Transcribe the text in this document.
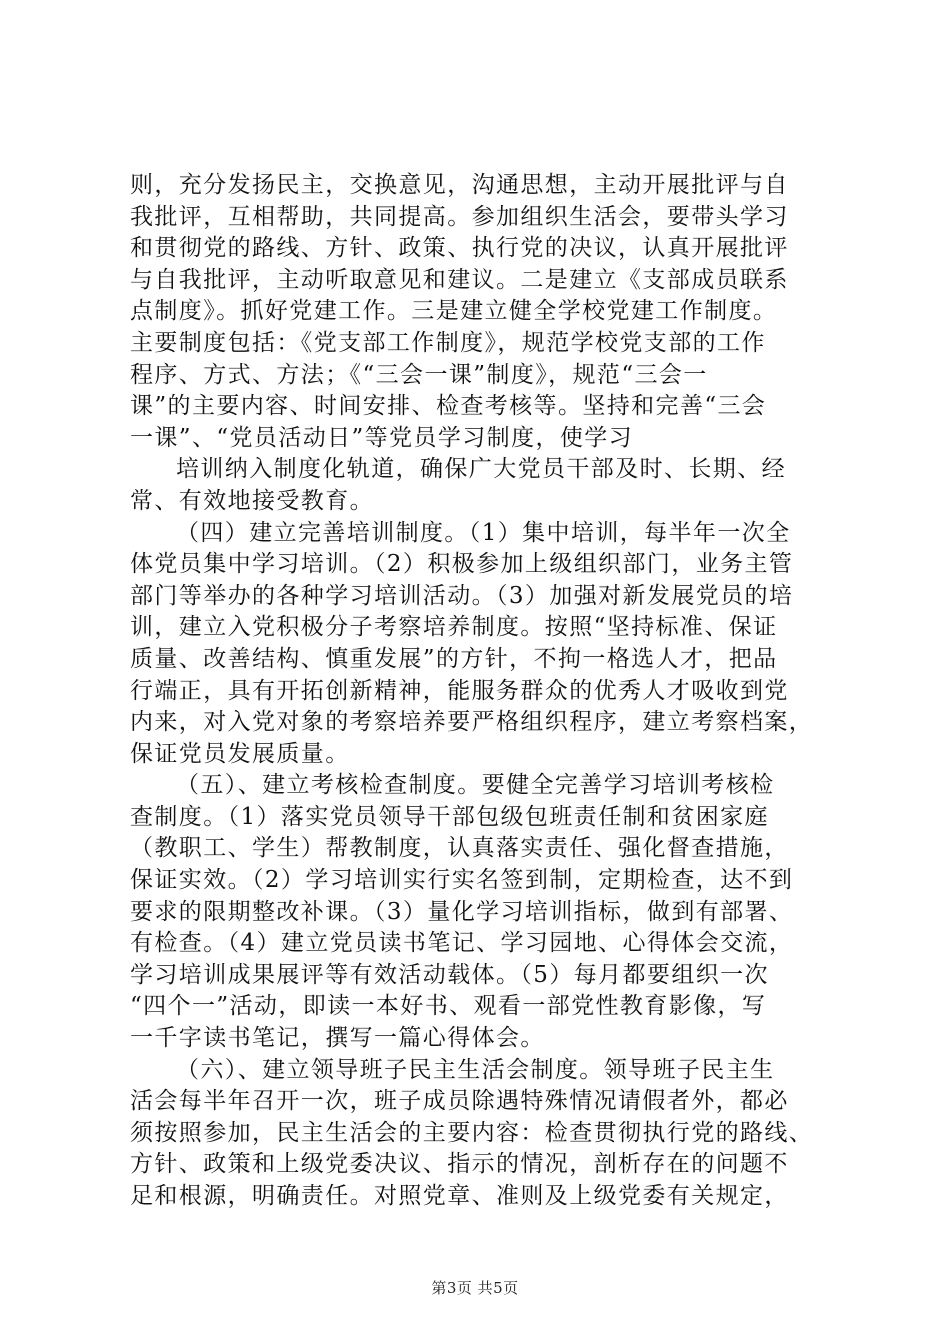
则，充分发扬民主，交换意见，沟通思想，主动开展批评与自
我批评，互相帮助，共同提高。参加组织生活会，要带头学习
和贯彻党的路线、方针、政策、执行党的决议，认真开展批评
与自我批评，主动听取意见和建议。二是建立《支部成员联系
点制度》。抓好党建工作。三是建立健全学校党建工作制度。
主要制度包括：《党支部工作制度》，规范学校党支部的工作
程序、方式、方法；《“三会一课”制度》，规范“三会一
课”的主要内容、时间安排、检查考核等。坚持和完善“三会
一课”、“党员活动日”等党员学习制度，使学习
培训纳入制度化轨道，确保广大党员干部及时、长期、经
常、有效地接受教育。
（四）建立完善培训制度。（1）集中培训，每半年一次全
体党员集中学习培训。（2）积极参加上级组织部门，业务主管
部门等举办的各种学习培训活动。（3）加强对新发展党员的培
训，建立入党积极分子考察培养制度。按照“坚持标准、保证
质量、改善结构、慎重发展”的方针，不拘一格选人才，把品
行端正，具有开拓创新精神，能服务群众的优秀人才吸收到党
内来，对入党对象的考察培养要严格组织程序，建立考察档案，
保证党员发展质量。
（五）、建立考核检查制度。要健全完善学习培训考核检
查制度。（1）落实党员领导干部包级包班责任制和贫困家庭
（教职工、学生）帮教制度，认真落实责任、强化督查措施，
保证实效。（2）学习培训实行实名签到制，定期检查，达不到
要求的限期整改补课。（3）量化学习培训指标，做到有部署、
有检查。（4）建立党员读书笔记、学习园地、心得体会交流，
学习培训成果展评等有效活动载体。（5）每月都要组织一次
“四个一”活动，即读一本好书、观看一部党性教育影像，写
一千字读书笔记，撰写一篇心得体会。
（六）、建立领导班子民主生活会制度。领导班子民主生
活会每半年召开一次，班子成员除遇特殊情况请假者外，都必
须按照参加，民主生活会的主要内容：检查贯彻执行党的路线、
方针、政策和上级党委决议、指示的情况，剖析存在的问题不
足和根源，明确责任。对照党章、准则及上级党委有关规定，
第3页 共5页
